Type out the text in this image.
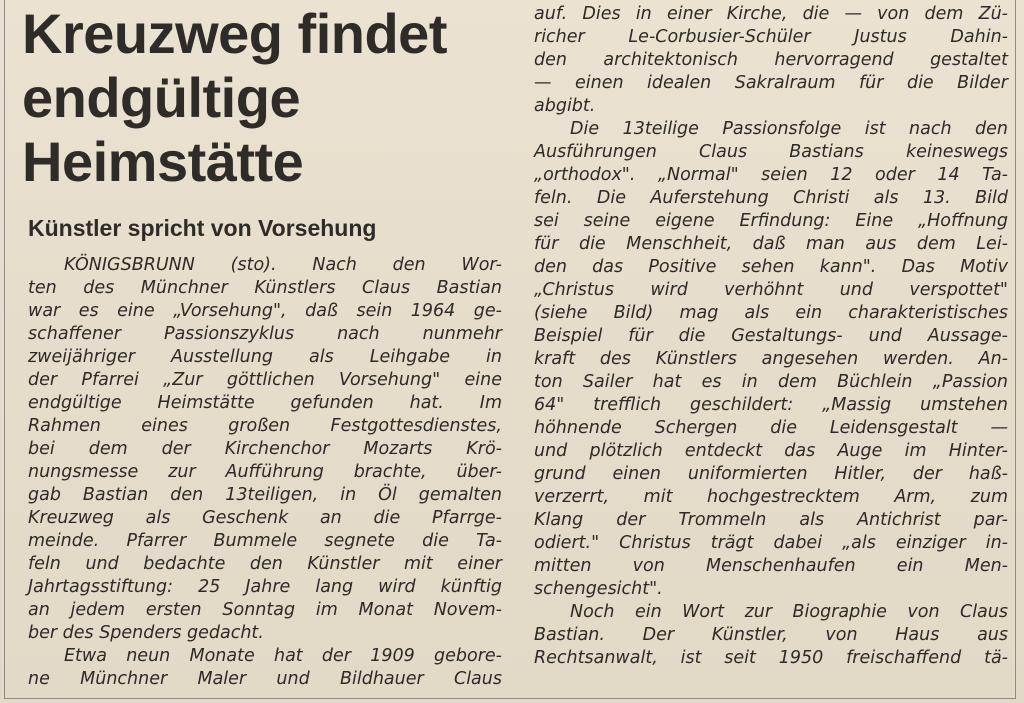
Kreuzweg findet
endgültige
Heimstätte
Künstler spricht von Vorsehung
KÖNIGSBRUNN (sto). Nach den Wor-
ten des Münchner Künstlers Claus Bastian
war es eine „Vorsehung", daß sein 1964 ge-
schaffener Passionszyklus nach nunmehr
zweijähriger Ausstellung als Leihgabe in
der Pfarrei „Zur göttlichen Vorsehung" eine
endgültige Heimstätte gefunden hat. Im
Rahmen eines großen Festgottesdienstes,
bei dem der Kirchenchor Mozarts Krö-
nungsmesse zur Aufführung brachte, über-
gab Bastian den 13teiligen, in Öl gemalten
Kreuzweg als Geschenk an die Pfarrge-
meinde. Pfarrer Bummele segnete die Ta-
feln und bedachte den Künstler mit einer
Jahrtagsstiftung: 25 Jahre lang wird künftig
an jedem ersten Sonntag im Monat Novem-
ber des Spenders gedacht.
Etwa neun Monate hat der 1909 gebore-
ne Münchner Maler und Bildhauer Claus
auf. Dies in einer Kirche, die — von dem Zü-
richer Le-Corbusier-Schüler Justus Dahin-
den architektonisch hervorragend gestaltet
— einen idealen Sakralraum für die Bilder
abgibt.
Die 13teilige Passionsfolge ist nach den
Ausführungen Claus Bastians keineswegs
„orthodox". „Normal" seien 12 oder 14 Ta-
feln. Die Auferstehung Christi als 13. Bild
sei seine eigene Erfindung: Eine „Hoffnung
für die Menschheit, daß man aus dem Lei-
den das Positive sehen kann". Das Motiv
„Christus wird verhöhnt und verspottet"
(siehe Bild) mag als ein charakteristisches
Beispiel für die Gestaltungs- und Aussage-
kraft des Künstlers angesehen werden. An-
ton Sailer hat es in dem Büchlein „Passion
64" trefflich geschildert: „Massig umstehen
höhnende Schergen die Leidensgestalt —
und plötzlich entdeckt das Auge im Hinter-
grund einen uniformierten Hitler, der haß-
verzerrt, mit hochgestrecktem Arm, zum
Klang der Trommeln als Antichrist par-
odiert." Christus trägt dabei „als einziger in-
mitten von Menschenhaufen ein Men-
schengesicht".
Noch ein Wort zur Biographie von Claus
Bastian. Der Künstler, von Haus aus
Rechtsanwalt, ist seit 1950 freischaffend tä-
